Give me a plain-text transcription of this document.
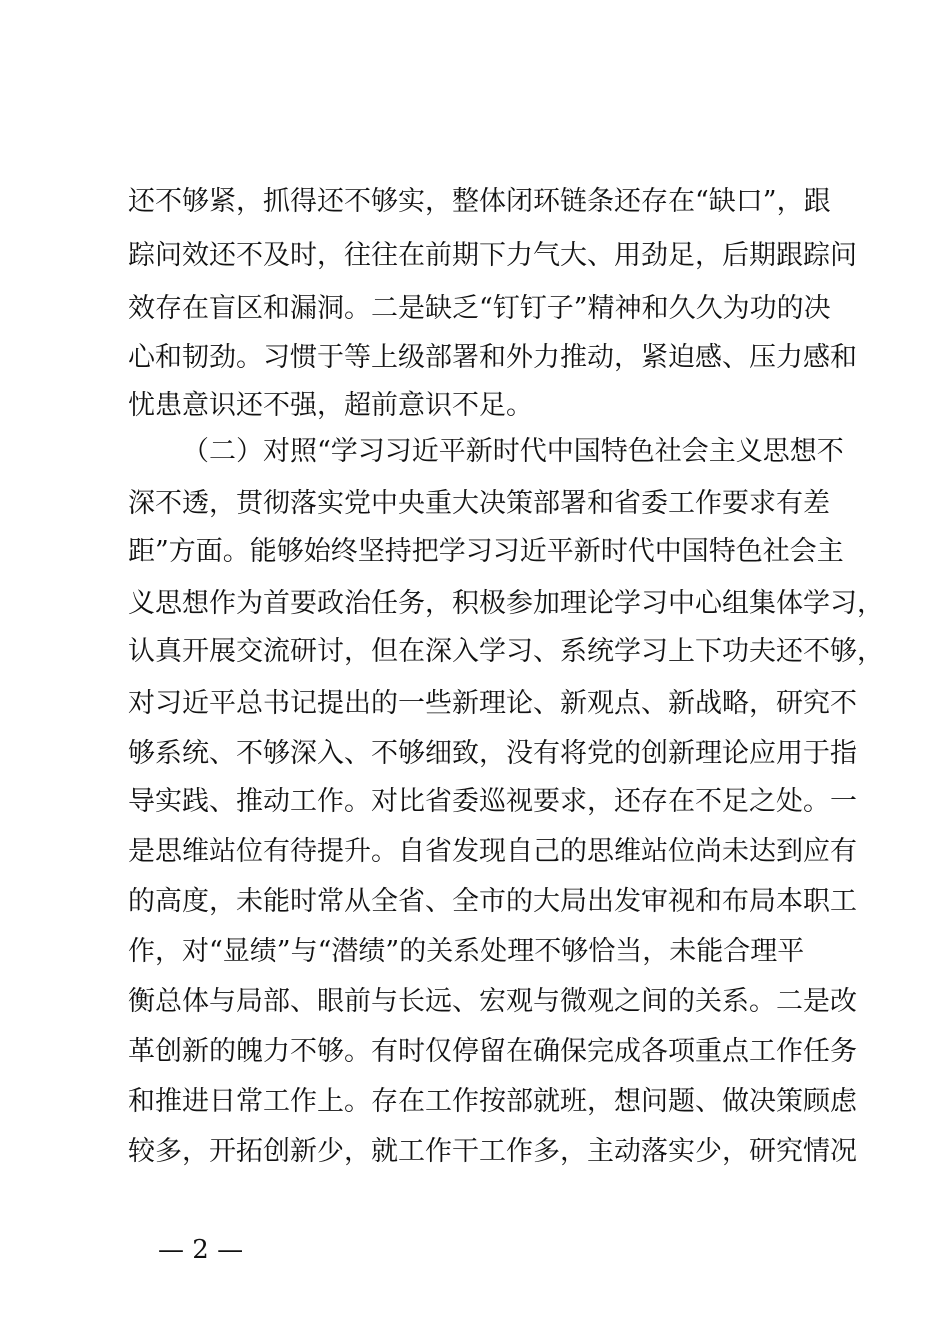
还不够紧，抓得还不够实，整体闭环链条还存在“缺口”，跟
踪问效还不及时，往往在前期下力气大、用劲足，后期跟踪问
效存在盲区和漏洞。二是缺乏“钉钉子”精神和久久为功的决
心和韧劲。习惯于等上级部署和外力推动，紧迫感、压力感和
忧患意识还不强，超前意识不足。
（二）对照“学习习近平新时代中国特色社会主义思想不
深不透，贯彻落实党中央重大决策部署和省委工作要求有差
距”方面。能够始终坚持把学习习近平新时代中国特色社会主
义思想作为首要政治任务，积极参加理论学习中心组集体学习，
认真开展交流研讨，但在深入学习、系统学习上下功夫还不够，
对习近平总书记提出的一些新理论、新观点、新战略，研究不
够系统、不够深入、不够细致，没有将党的创新理论应用于指
导实践、推动工作。对比省委巡视要求，还存在不足之处。一
是思维站位有待提升。自省发现自己的思维站位尚未达到应有
的高度，未能时常从全省、全市的大局出发审视和布局本职工
作，对“显绩”与“潜绩”的关系处理不够恰当，未能合理平
衡总体与局部、眼前与长远、宏观与微观之间的关系。二是改
革创新的魄力不够。有时仅停留在确保完成各项重点工作任务
和推进日常工作上。存在工作按部就班，想问题、做决策顾虑
较多，开拓创新少，就工作干工作多，主动落实少，研究情况
— 2 —
